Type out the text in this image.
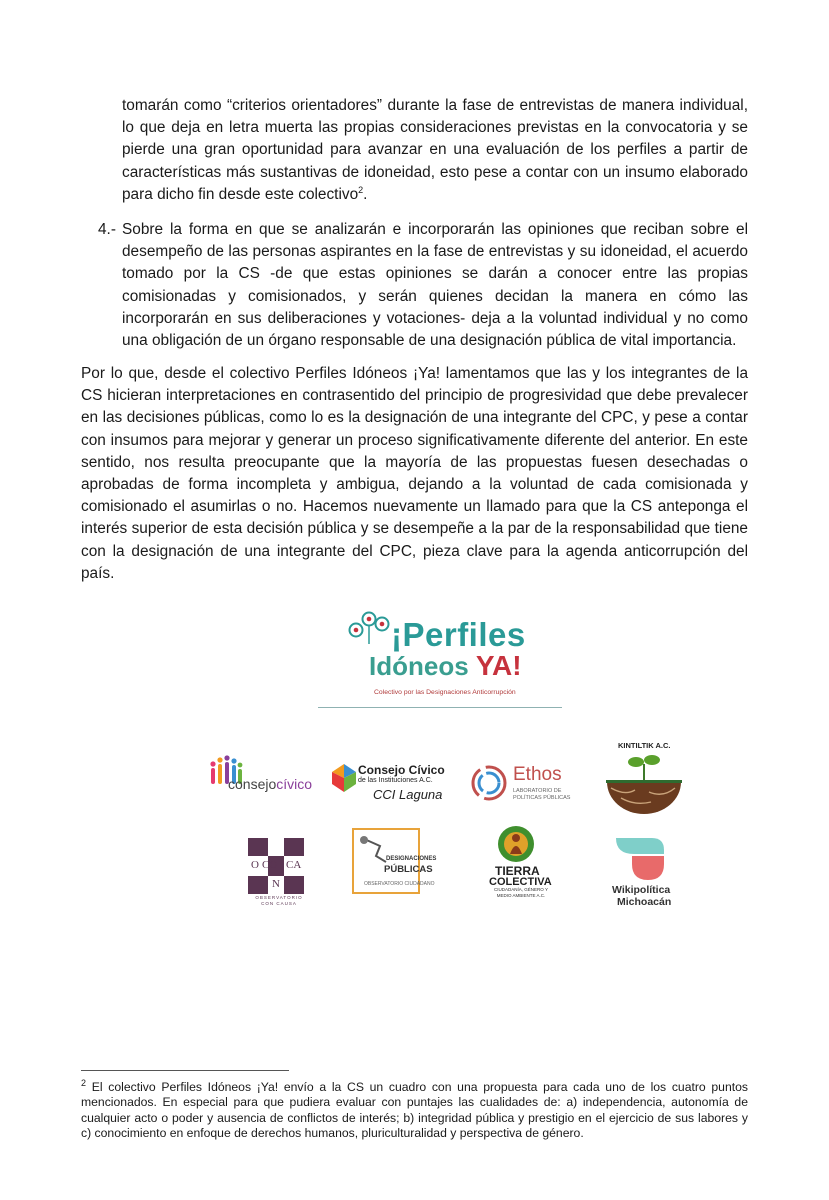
tomarán como “criterios orientadores” durante la fase de entrevistas de manera individual, lo que deja en letra muerta las propias consideraciones previstas en la convocatoria y se pierde una gran oportunidad para avanzar en una evaluación de los perfiles a partir de características más sustantivas de idoneidad, esto pese a contar con un insumo elaborado para dicho fin desde este colectivo$^2$.
4.- Sobre la forma en que se analizarán e incorporarán las opiniones que reciban sobre el desempeño de las personas aspirantes en la fase de entrevistas y su idoneidad, el acuerdo tomado por la CS -de que estas opiniones se darán a conocer entre las propias comisionadas y comisionados, y serán quienes decidan la manera en cómo las incorporarán en sus deliberaciones y votaciones- deja a la voluntad individual y no como una obligación de un órgano responsable de una designación pública de vital importancia.
Por lo que, desde el colectivo Perfiles Idóneos ¡Ya! lamentamos que las y los integrantes de la CS hicieran interpretaciones en contrasentido del principio de progresividad que debe prevalecer en las decisiones públicas, como lo es la designación de una integrante del CPC, y pese a contar con insumos para mejorar y generar un proceso significativamente diferente del anterior. En este sentido, nos resulta preocupante que la mayoría de las propuestas fuesen desechadas o aprobadas de forma incompleta y ambigua, dejando a la voluntad de cada comisionada y comisionado el asumirlas o no. Hacemos nuevamente un llamado para que la CS anteponga el interés superior de esta decisión pública y se desempeñe a la par de la responsabilidad que tiene con la designación de una integrante del CPC, pieza clave para la agenda anticorrupción del país.
¡Perfiles
Idóneos YA!
Colectivo por las Designaciones Anticorrupción
consejocívico
Consejo Cívico
de las Instituciones A.C.
CCI Laguna
Ethos
LABORATORIO DE POLÍTICAS PÚBLICAS
KINTILTIK A.C.
O CO CA
N
OBSERVATORIO CON CAUSA
DESIGNACIONES
PÚBLICAS
OBSERVATORIO CIUDADANO
TIERRA
COLECTIVA
CIUDADANÍA, GÉNERO Y MEDIO AMBIENTE A.C.	Wikipolítica
Michoacán
$^2$ El colectivo Perfiles Idóneos ¡Ya! envío a la CS un cuadro con una propuesta para cada uno de los cuatro puntos mencionados. En especial para que pudiera evaluar con puntajes las cualidades de: a) independencia, autonomía de cualquier acto o poder y ausencia de conflictos de interés; b) integridad pública y prestigio en el ejercicio de sus labores y c) conocimiento en enfoque de derechos humanos, pluriculturalidad y perspectiva de género.
